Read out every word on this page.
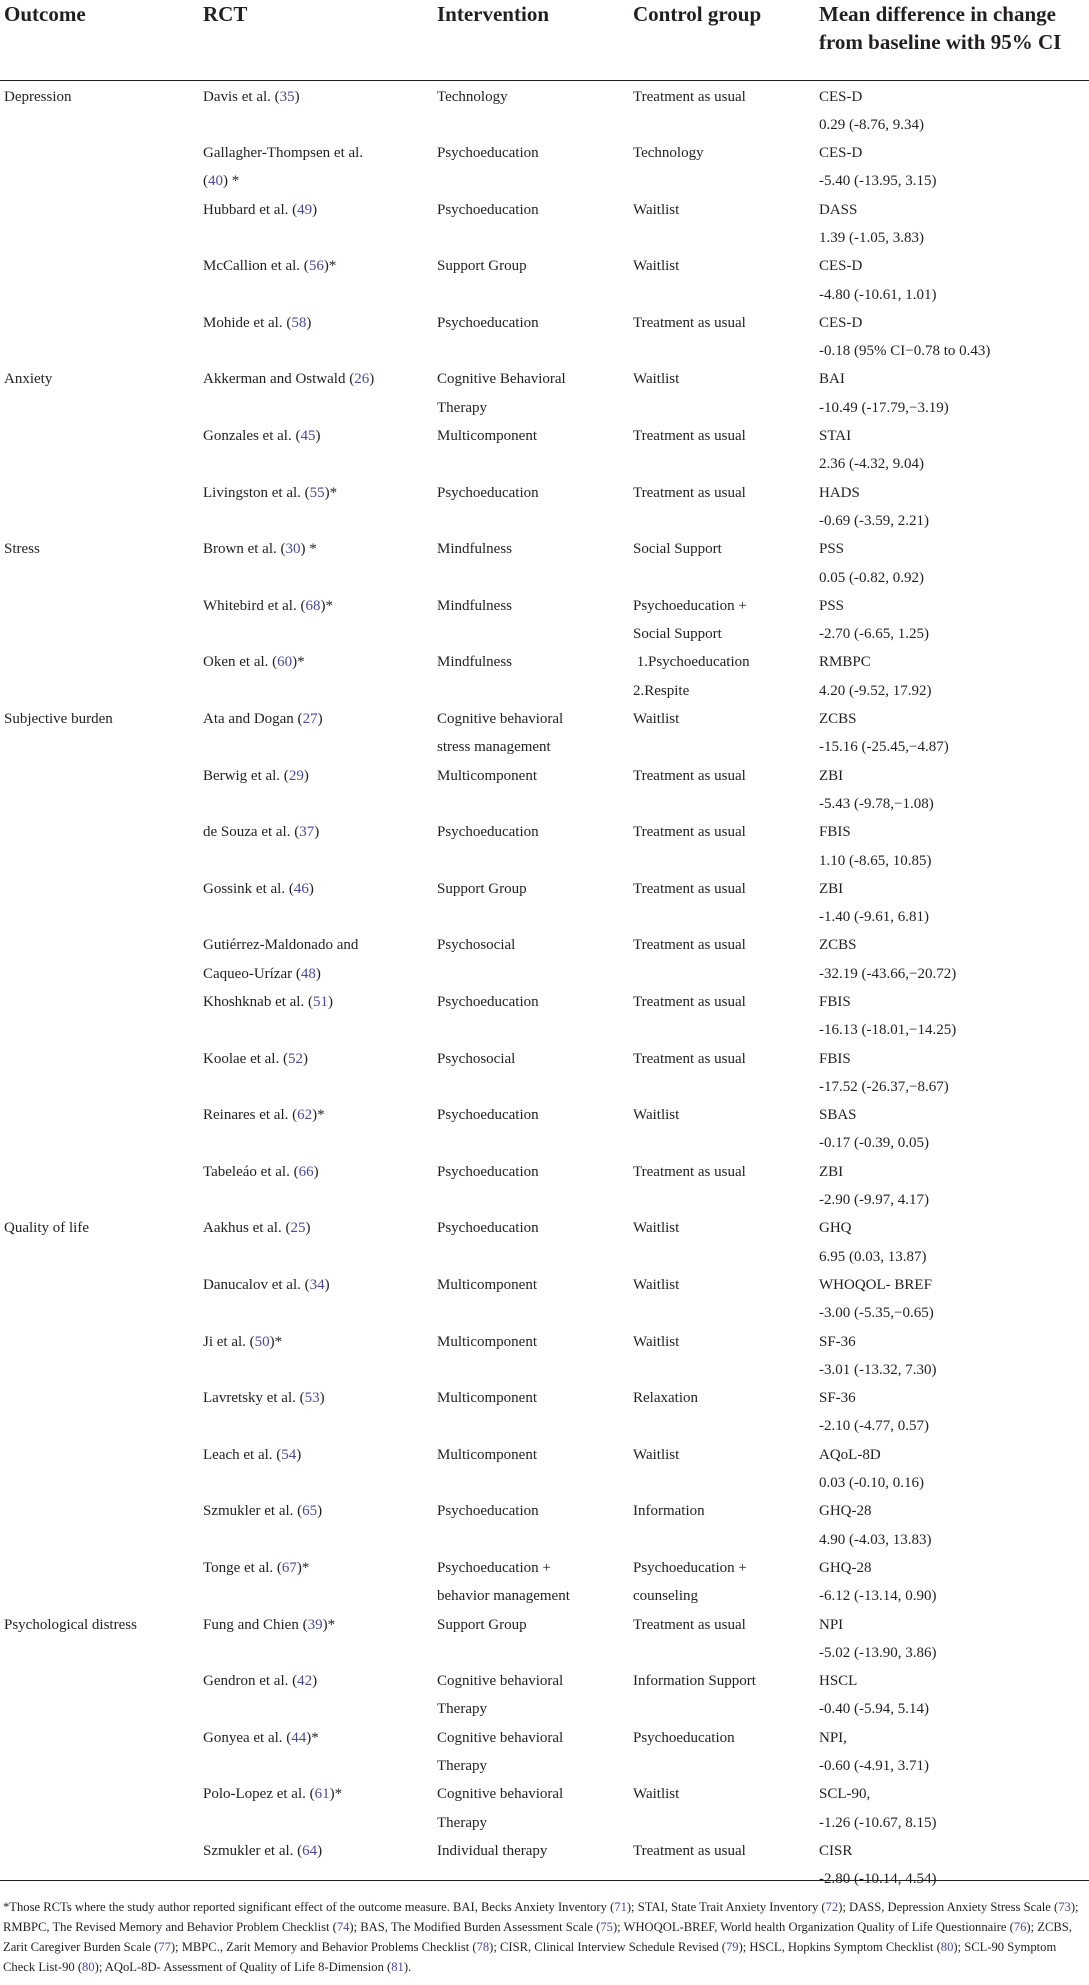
Outcome	RCT	Intervention	Control group	Mean difference in change
from baseline with 95% CI

Depression	Davis et al. (35)	Technology	Treatment as usual	CES-D
0.29 (-8.76, 9.34)

	Gallagher-Thompsen et al.
(40) *	Psychoeducation	Technology	CES-D
-5.40 (-13.95, 3.15)

	Hubbard et al. (49)	Psychoeducation	Waitlist	DASS
1.39 (-1.05, 3.83)

	McCallion et al. (56)*	Support Group	Waitlist	CES-D
-4.80 (-10.61, 1.01)

	Mohide et al. (58)	Psychoeducation	Treatment as usual	CES-D
-0.18 (95% CI−0.78 to 0.43)

Anxiety	Akkerman and Ostwald (26)	Cognitive Behavioral
Therapy	Waitlist	BAI
-10.49 (-17.79,−3.19)

	Gonzales et al. (45)	Multicomponent	Treatment as usual	STAI
2.36 (-4.32, 9.04)

	Livingston et al. (55)*	Psychoeducation	Treatment as usual	HADS
-0.69 (-3.59, 2.21)

Stress	Brown et al. (30) *	Mindfulness	Social Support	PSS
0.05 (-0.82, 0.92)

	Whitebird et al. (68)*	Mindfulness	Psychoeducation +
Social Support	PSS
-2.70 (-6.65, 1.25)

	Oken et al. (60)*	Mindfulness	1.Psychoeducation
2.Respite	RMBPC
4.20 (-9.52, 17.92)

Subjective burden	Ata and Dogan (27)	Cognitive behavioral
stress management	Waitlist	ZCBS
-15.16 (-25.45,−4.87)

	Berwig et al. (29)	Multicomponent	Treatment as usual	ZBI
-5.43 (-9.78,−1.08)

	de Souza et al. (37)	Psychoeducation	Treatment as usual	FBIS
1.10 (-8.65, 10.85)

	Gossink et al. (46)	Support Group	Treatment as usual	ZBI
-1.40 (-9.61, 6.81)

	Gutiérrez-Maldonado and
Caqueo-Urízar (48)	Psychosocial	Treatment as usual	ZCBS
-32.19 (-43.66,−20.72)

	Khoshknab et al. (51)	Psychoeducation	Treatment as usual	FBIS
-16.13 (-18.01,−14.25)

	Koolae et al. (52)	Psychosocial	Treatment as usual	FBIS
-17.52 (-26.37,−8.67)

	Reinares et al. (62)*	Psychoeducation	Waitlist	SBAS
-0.17 (-0.39, 0.05)

	Tabeleáo et al. (66)	Psychoeducation	Treatment as usual	ZBI
-2.90 (-9.97, 4.17)

Quality of life	Aakhus et al. (25)	Psychoeducation	Waitlist	GHQ
6.95 (0.03, 13.87)

	Danucalov et al. (34)	Multicomponent	Waitlist	WHOQOL- BREF
-3.00 (-5.35,−0.65)

	Ji et al. (50)*	Multicomponent	Waitlist	SF-36
-3.01 (-13.32, 7.30)

	Lavretsky et al. (53)	Multicomponent	Relaxation	SF-36
-2.10 (-4.77, 0.57)

	Leach et al. (54)	Multicomponent	Waitlist	AQoL-8D
0.03 (-0.10, 0.16)

	Szmukler et al. (65)	Psychoeducation	Information	GHQ-28
4.90 (-4.03, 13.83)

	Tonge et al. (67)*	Psychoeducation +
behavior management	Psychoeducation +
counseling	GHQ-28
-6.12 (-13.14, 0.90)

Psychological distress	Fung and Chien (39)*	Support Group	Treatment as usual	NPI
-5.02 (-13.90, 3.86)

	Gendron et al. (42)	Cognitive behavioral
Therapy	Information Support	HSCL
-0.40 (-5.94, 5.14)

	Gonyea et al. (44)*	Cognitive behavioral
Therapy	Psychoeducation	NPI,
-0.60 (-4.91, 3.71)

	Polo-Lopez et al. (61)*	Cognitive behavioral
Therapy	Waitlist	SCL-90,
-1.26 (-10.67, 8.15)

	Szmukler et al. (64)	Individual therapy	Treatment as usual	CISR
-2.80 (-10.14, 4.54)
*Those RCTs where the study author reported significant effect of the outcome measure. BAI, Becks Anxiety Inventory (71); STAI, State Trait Anxiety Inventory (72); DASS, Depression Anxiety Stress Scale (73); RMBPC, The Revised Memory and Behavior Problem Checklist (74); BAS, The Modified Burden Assessment Scale (75); WHOQOL-BREF, World health Organization Quality of Life Questionnaire (76); ZCBS, Zarit Caregiver Burden Scale (77); MBPC., Zarit Memory and Behavior Problems Checklist (78); CISR, Clinical Interview Schedule Revised (79); HSCL, Hopkins Symptom Checklist (80); SCL-90 Symptom Check List-90 (80); AQoL-8D- Assessment of Quality of Life 8-Dimension (81).
